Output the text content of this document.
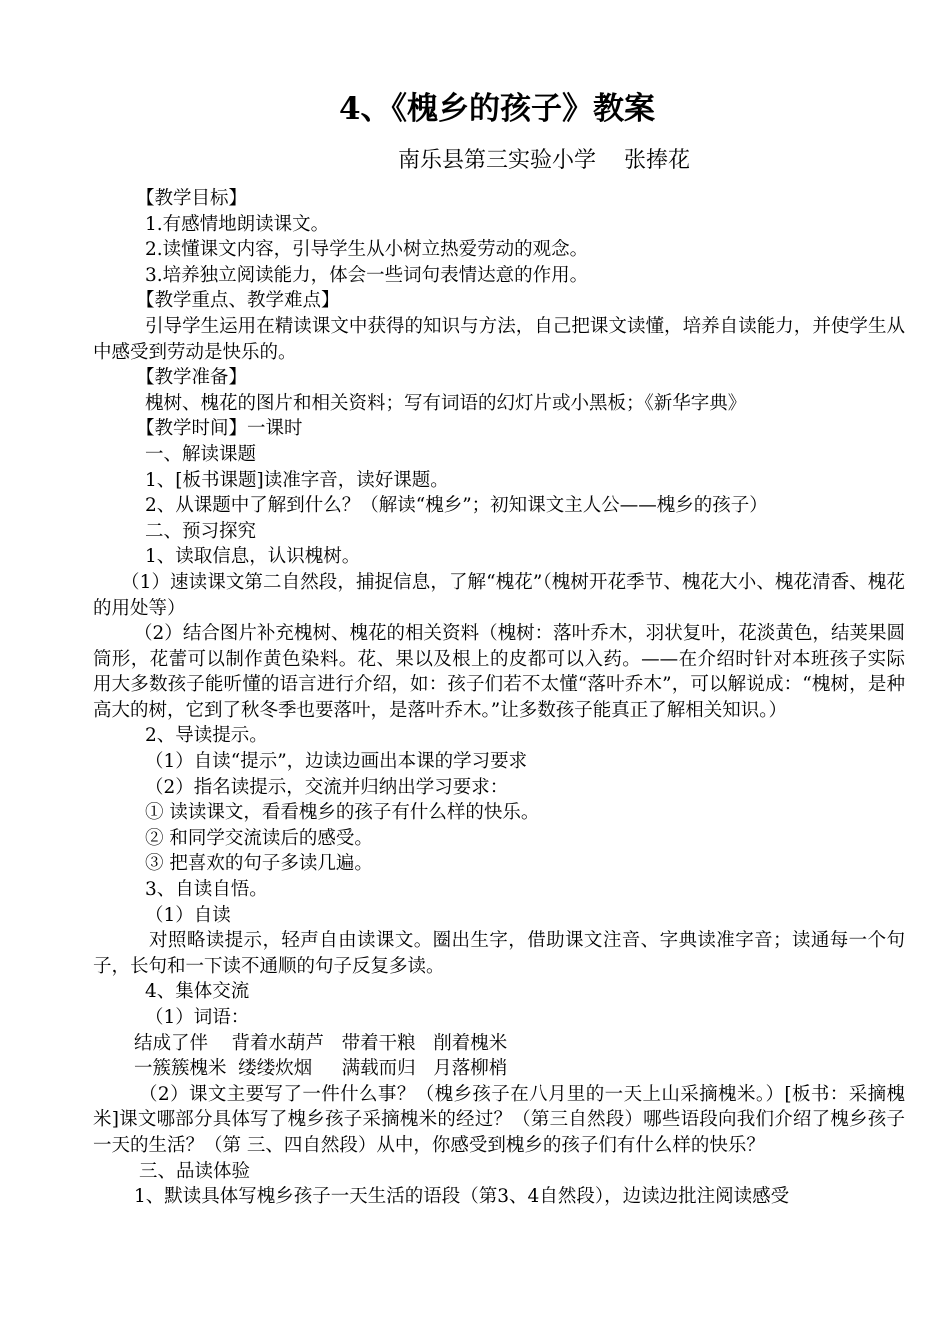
4、《槐乡的孩子》教案
南乐县第三实验小学    张捧花
【教学目标】
1.有感情地朗读课文。
2.读懂课文内容，引导学生从小树立热爱劳动的观念。
3.培养独立阅读能力，体会一些词句表情达意的作用。
【教学重点、教学难点】
引导学生运用在精读课文中获得的知识与方法，自己把课文读懂，培养自读能力，并使学生从中感受到劳动是快乐的。
【教学准备】
槐树、槐花的图片和相关资料；写有词语的幻灯片或小黑板；《新华字典》
【教学时间】一课时
一、解读课题
1、[板书课题]读准字音，读好课题。
2、从课题中了解到什么？（解读“槐乡”；初知课文主人公——槐乡的孩子）
二、预习探究
1、读取信息，认识槐树。
（1）速读课文第二自然段，捕捉信息，了解“槐花”（槐树开花季节、槐花大小、槐花清香、槐花的用处等）
（2）结合图片补充槐树、槐花的相关资料（槐树：落叶乔木，羽状复叶，花淡黄色，结荚果圆筒形，花蕾可以制作黄色染料。花、果以及根上的皮都可以入药。——在介绍时针对本班孩子实际用大多数孩子能听懂的语言进行介绍，如：孩子们若不太懂“落叶乔木”，可以解说成：“槐树，是种高大的树，它到了秋冬季也要落叶，是落叶乔木。”让多数孩子能真正了解相关知识。）
2、导读提示。
（1）自读“提示”，边读边画出本课的学习要求
（2）指名读提示，交流并归纳出学习要求：
① 读读课文，看看槐乡的孩子有什么样的快乐。
② 和同学交流读后的感受。
③ 把喜欢的句子多读几遍。
3、自读自悟。
（1）自读
对照略读提示，轻声自由读课文。圈出生字，借助课文注音、字典读准字音；读通每一个句子，长句和一下读不通顺的句子反复多读。
4、集体交流
（1）词语：
结成了伴    背着水葫芦   带着干粮   削着槐米
一簇簇槐米  缕缕炊烟     满载而归   月落柳梢
（2）课文主要写了一件什么事？（槐乡孩子在八月里的一天上山采摘槐米。）[板书：采摘槐米]课文哪部分具体写了槐乡孩子采摘槐米的经过？（第三自然段）哪些语段向我们介绍了槐乡孩子一天的生活？（第 三、四自然段）从中，你感受到槐乡的孩子们有什么样的快乐？
三、品读体验
1、默读具体写槐乡孩子一天生活的语段（第3、4自然段），边读边批注阅读感受
